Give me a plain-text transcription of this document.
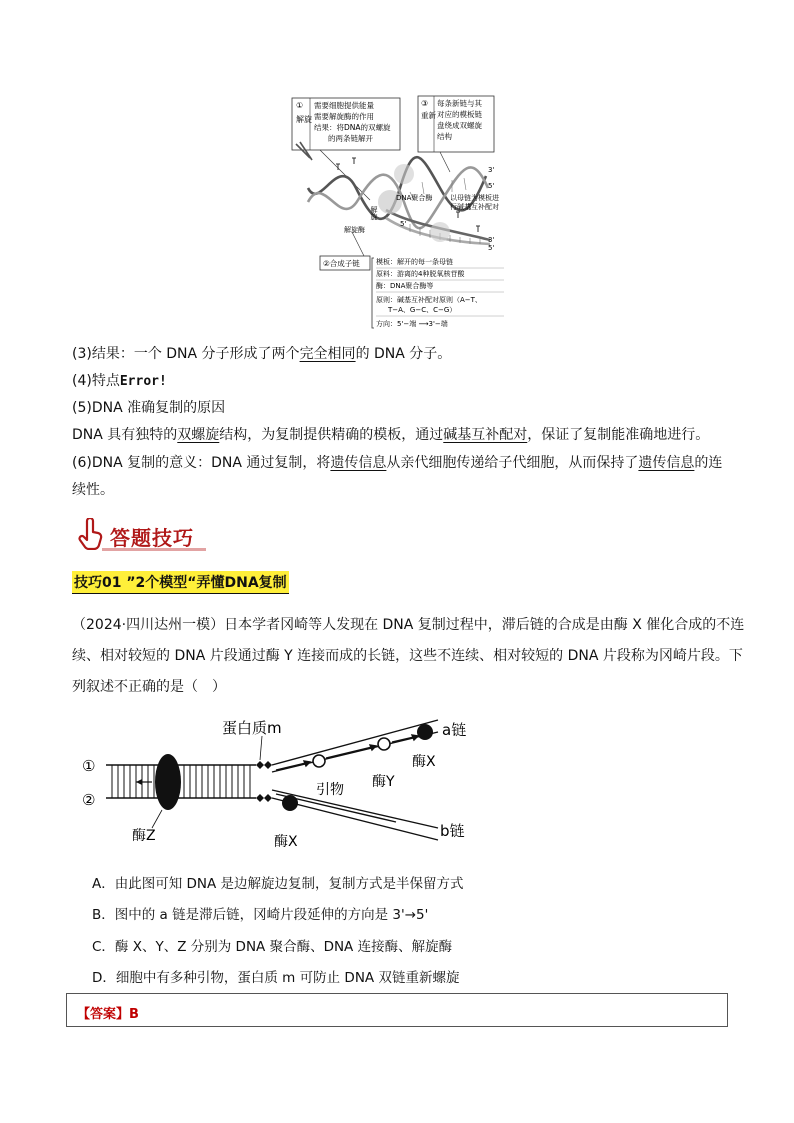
①
解旋
需要细胞提供能量
需要解旋酶的作用
结果：将DNA的双螺旋
的两条链解开
③
重新
每条新链与其
对应的模板链
盘绕成双螺旋
结构
解旋
解旋酶
DNA聚合酶	以母链为模板进
行碱基互补配对
3'
5'
5'
3'
5'
②合成子链 模板：解开的每一条母链
原料：游离的4种脱氧核苷酸
酶：DNA聚合酶等
原则：碱基互补配对原则（A−T、
T−A、G−C、C−G）
方向：5'−端 ⟶3'−端
(3)结果：一个 DNA 分子形成了两个完全相同的 DNA 分子。
(4)特点Error!
(5)DNA 准确复制的原因
DNA 具有独特的双螺旋结构，为复制提供精确的模板，通过碱基互补配对，保证了复制能准确地进行。
(6)DNA 复制的意义：DNA 通过复制，将遗传信息从亲代细胞传递给子代细胞，从而保持了遗传信息的连
续性。
答题技巧
技巧01 ”2个模型“弄懂DNA复制
（2024·四川达州一模）日本学者冈崎等人发现在 DNA 复制过程中，滞后链的合成是由酶 X 催化合成的不连
续、相对较短的 DNA 片段通过酶 Y 连接而成的长链，这些不连续、相对较短的 DNA 片段称为冈崎片段。下
列叙述不正确的是（　）
①
②
酶Z
蛋白质m	a链
b链
酶X
酶Y
引物
酶X
A．由此图可知 DNA 是边解旋边复制，复制方式是半保留方式
B．图中的 a 链是滞后链，冈崎片段延伸的方向是 3'→5'
C．酶 X、Y、Z 分别为 DNA 聚合酶、DNA 连接酶、解旋酶
D．细胞中有多种引物，蛋白质 m 可防止 DNA 双链重新螺旋
【答案】B
